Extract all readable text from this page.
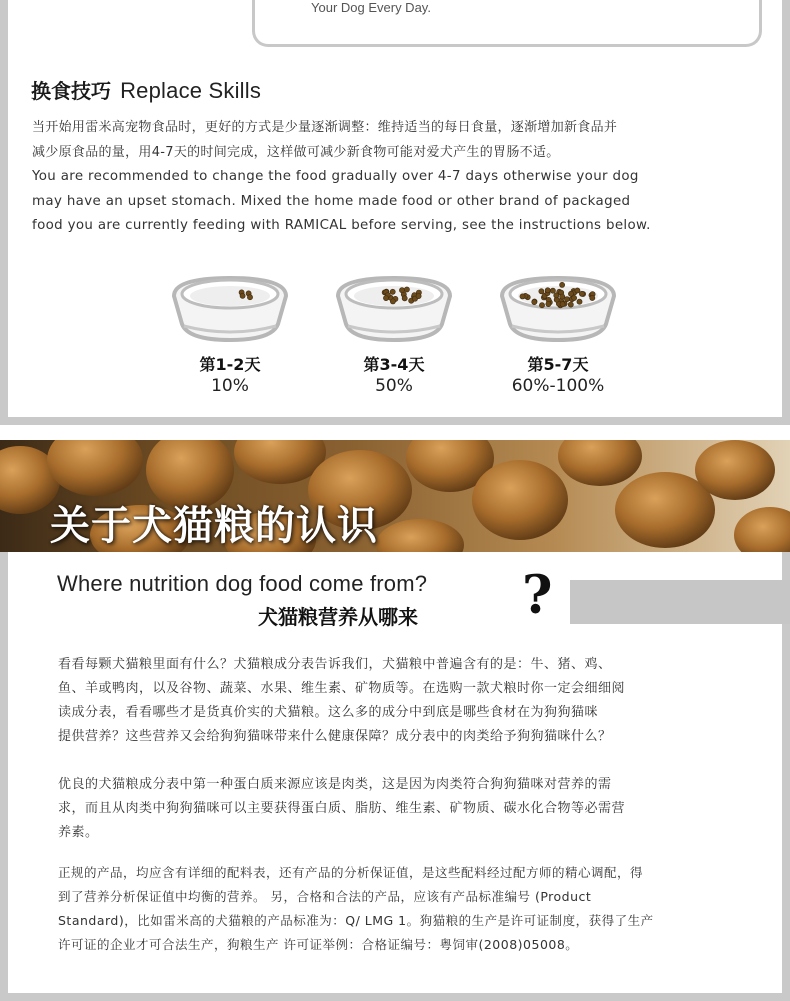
Your Dog Every Day.
换食技巧 Replace Skills
当开始用雷米高宠物食品时，更好的方式是少量逐渐调整：维持适当的每日食量，逐渐增加新食品并
减少原食品的量，用4-7天的时间完成，这样做可减少新食物可能对爱犬产生的胃肠不适。
You are recommended to change the food gradually over 4-7 days otherwise your dog
may have an upset stomach. Mixed the home made food or other brand of packaged
food you are currently feeding with RAMICAL before serving, see the instructions below.
第1-2天
10%
第3-4天
50%
第5-7天
60%-100%
关于犬猫粮的认识
Where nutrition dog food come from?
犬猫粮营养从哪来 ?
看看每颗犬猫粮里面有什么？犬猫粮成分表告诉我们，犬猫粮中普遍含有的是：牛、猪、鸡、
鱼、羊或鸭肉，以及谷物、蔬菜、水果、维生素、矿物质等。在选购一款犬粮时你一定会细细阅
读成分表，看看哪些才是货真价实的犬猫粮。这么多的成分中到底是哪些食材在为狗狗猫咪
提供营养？这些营养又会给狗狗猫咪带来什么健康保障？成分表中的肉类给予狗狗猫咪什么？
优良的犬猫粮成分表中第一种蛋白质来源应该是肉类，这是因为肉类符合狗狗猫咪对营养的需
求，而且从肉类中狗狗猫咪可以主要获得蛋白质、脂肪、维生素、矿物质、碳水化合物等必需营
养素。
正规的产品，均应含有详细的配料表，还有产品的分析保证值，是这些配料经过配方师的精心调配，得
到了营养分析保证值中均衡的营养。 另，合格和合法的产品，应该有产品标准编号 (Product
Standard)，比如雷米高的犬猫粮的产品标准为：Q/ LMG 1。狗猫粮的生产是许可证制度，获得了生产
许可证的企业才可合法生产，狗粮生产 许可证举例：合格证编号：粤饲审(2008)05008。
